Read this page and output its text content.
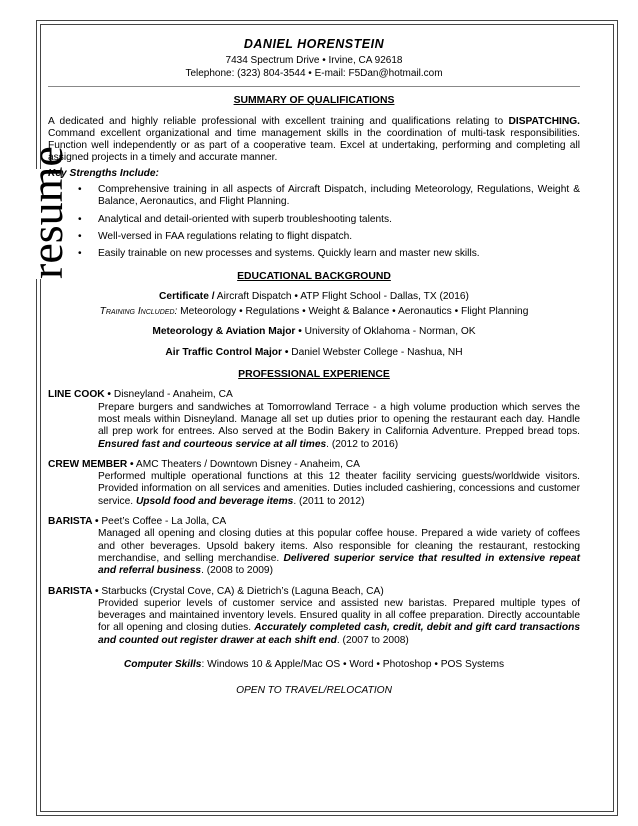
resume
DANIEL HORENSTEIN
7434 Spectrum Drive • Irvine, CA 92618
Telephone: (323) 804-3544 • E-mail: F5Dan@hotmail.com
SUMMARY OF QUALIFICATIONS
A dedicated and highly reliable professional with excellent training and qualifications relating to DISPATCHING. Command excellent organizational and time management skills in the coordination of multi-task responsibilities. Function well independently or as part of a cooperative team. Excel at undertaking, performing and completing all assigned projects in a timely and accurate manner.
Key Strengths Include:
• Comprehensive training in all aspects of Aircraft Dispatch, including Meteorology, Regulations, Weight & Balance, Aeronautics, and Flight Planning.
• Analytical and detail-oriented with superb troubleshooting talents.
• Well-versed in FAA regulations relating to flight dispatch.
• Easily trainable on new processes and systems. Quickly learn and master new skills.
EDUCATIONAL BACKGROUND
Certificate / Aircraft Dispatch • ATP Flight School - Dallas, TX (2016)
Training Included: Meteorology • Regulations • Weight & Balance • Aeronautics • Flight Planning
Meteorology & Aviation Major • University of Oklahoma - Norman, OK
Air Traffic Control Major • Daniel Webster College - Nashua, NH
PROFESSIONAL EXPERIENCE
LINE COOK • Disneyland - Anaheim, CA
Prepare burgers and sandwiches at Tomorrowland Terrace - a high volume production which serves the most meals within Disneyland. Manage all set up duties prior to opening the restaurant each day. Handle all prep work for entrees. Also served at the Bodin Bakery in California Adventure. Prepped bread tops. Ensured fast and courteous service at all times. (2012 to 2016)
CREW MEMBER • AMC Theaters / Downtown Disney - Anaheim, CA
Performed multiple operational functions at this 12 theater facility servicing guests/worldwide visitors. Provided information on all services and amenities. Duties included cashiering, concessions and customer service. Upsold food and beverage items. (2011 to 2012)
BARISTA • Peet’s Coffee - La Jolla, CA
Managed all opening and closing duties at this popular coffee house. Prepared a wide variety of coffees and other beverages. Upsold bakery items. Also responsible for cleaning the restaurant, restocking merchandise, and selling merchandise. Delivered superior service that resulted in extensive repeat and referral business. (2008 to 2009)
BARISTA • Starbucks (Crystal Cove, CA) & Dietrich’s (Laguna Beach, CA)
Provided superior levels of customer service and assisted new baristas. Prepared multiple types of beverages and maintained inventory levels. Ensured quality in all coffee preparation. Directly accountable for all opening and closing duties. Accurately completed cash, credit, debit and gift card transactions and counted out register drawer at each shift end. (2007 to 2008)
Computer Skills: Windows 10 & Apple/Mac OS • Word • Photoshop • POS Systems
OPEN TO TRAVEL/RELOCATION
